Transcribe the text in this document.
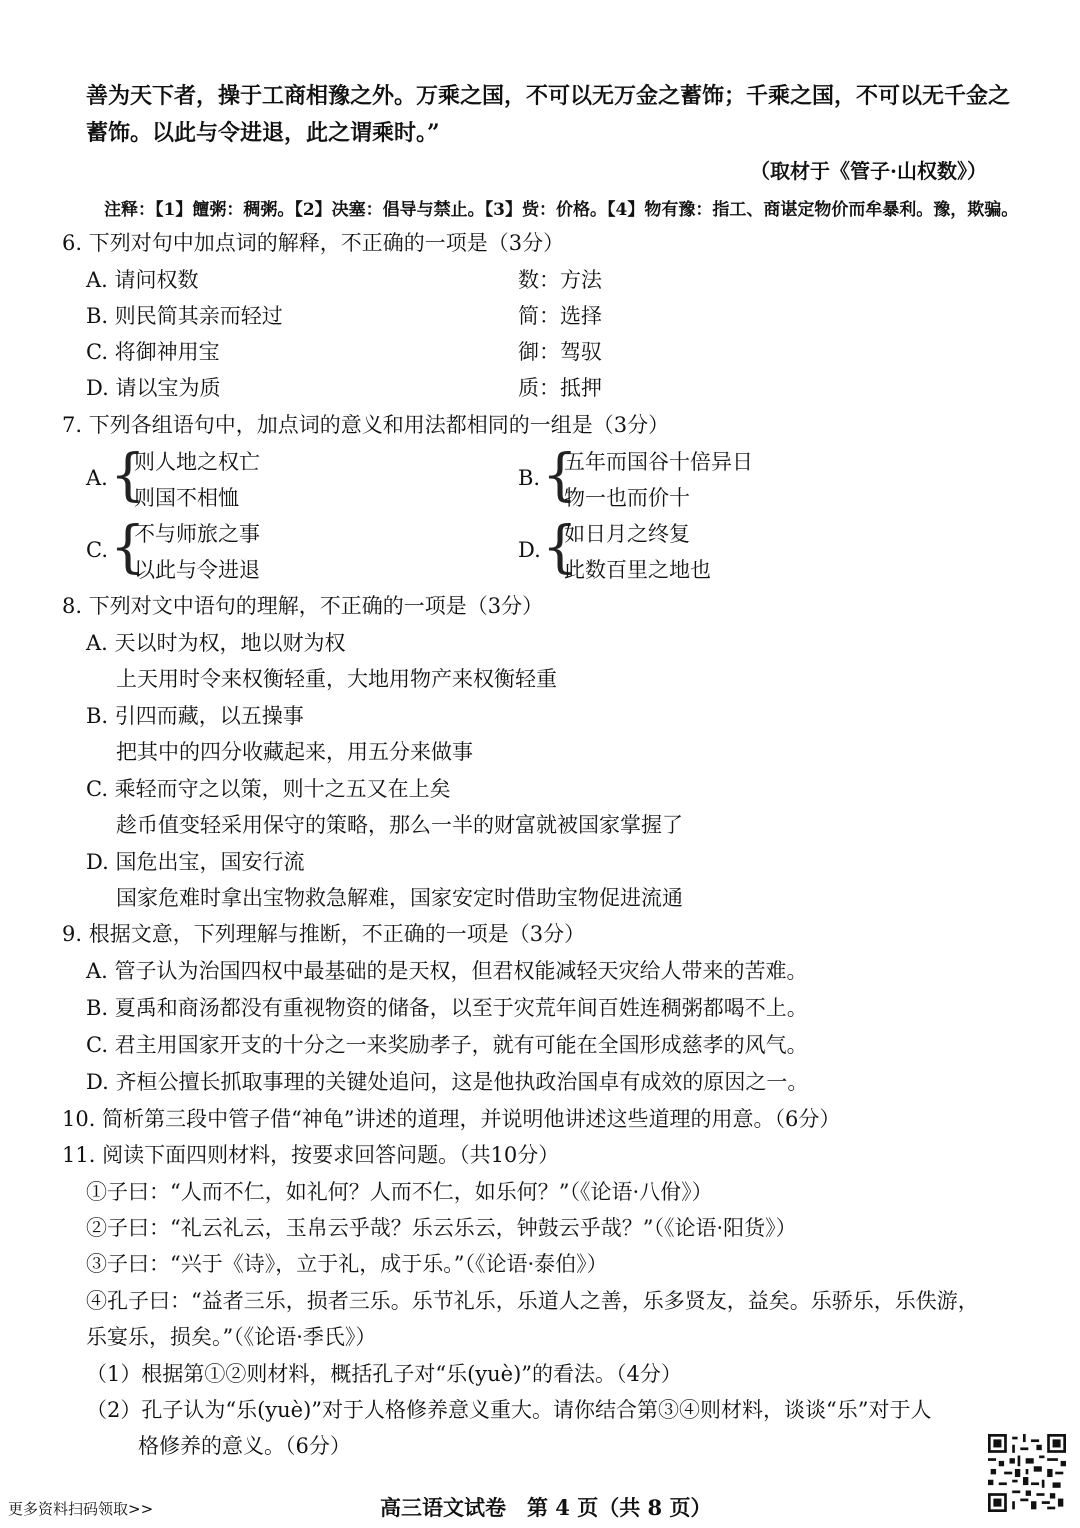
善为天下者，操于工商相豫之外。万乘之国，不可以无万金之蓄饰；千乘之国，不可以无千金之
蓄饰。以此与令进退，此之谓乘时。”
（取材于《管子·山权数》）
注释：【1】饘粥：稠粥。【2】决塞：倡导与禁止。【3】赀：价格。【4】物有豫：指工、商谌定物价而牟暴利。豫，欺骗。
6. 下列对句中加点词的解释，不正确的一项是（3分）
A. 请问权数	数：方法
B. 则民简其亲而轻过	简：选择
C. 将御神用宝	御：驾驭
D. 请以宝为质	质：抵押
7. 下列各组语句中，加点词的意义和用法都相同的一组是（3分）
A. {
则人地之权亡
则国不相恤
B. {
五年而国谷十倍异日
物一也而价十
C. {
不与师旅之事
以此与令进退
D. {
如日月之终复
此数百里之地也
8. 下列对文中语句的理解，不正确的一项是（3分）
A. 天以时为权，地以财为权
上天用时令来权衡轻重，大地用物产来权衡轻重
B. 引四而藏，以五操事
把其中的四分收藏起来，用五分来做事
C. 乘轻而守之以策，则十之五又在上矣
趁币值变轻采用保守的策略，那么一半的财富就被国家掌握了
D. 国危出宝，国安行流
国家危难时拿出宝物救急解难，国家安定时借助宝物促进流通
9. 根据文意，下列理解与推断，不正确的一项是（3分）
A. 管子认为治国四权中最基础的是天权，但君权能减轻天灾给人带来的苦难。
B. 夏禹和商汤都没有重视物资的储备，以至于灾荒年间百姓连稠粥都喝不上。
C. 君主用国家开支的十分之一来奖励孝子，就有可能在全国形成慈孝的风气。
D. 齐桓公擅长抓取事理的关键处追问，这是他执政治国卓有成效的原因之一。
10. 简析第三段中管子借“神龟”讲述的道理，并说明他讲述这些道理的用意。（6分）
11. 阅读下面四则材料，按要求回答问题。（共10分）
①子曰：“人而不仁，如礼何？人而不仁，如乐何？”（《论语·八佾》）
②子曰：“礼云礼云，玉帛云乎哉？乐云乐云，钟鼓云乎哉？”（《论语·阳货》）
③子曰：“兴于《诗》，立于礼，成于乐。”（《论语·泰伯》）
④孔子曰：“益者三乐，损者三乐。乐节礼乐，乐道人之善，乐多贤友，益矣。乐骄乐，乐佚游，
乐宴乐，损矣。”（《论语·季氏》）
（1）根据第①②则材料，概括孔子对“乐(yuè)”的看法。（4分）
（2）孔子认为“乐(yuè)”对于人格修养意义重大。请你结合第③④则材料，谈谈“乐”对于人
格修养的意义。（6分）
更多资料扫码领取>>	高三语文试卷　第 4 页（共 8 页）
